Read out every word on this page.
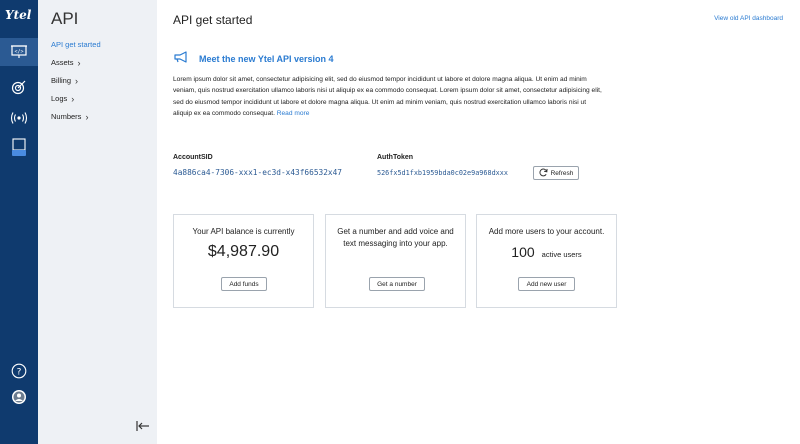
Ytel
</>
?
API
API get started
Assets ›
Billing ›
Logs ›
Numbers ›
API get started	View old API dashboard
Meet the new Ytel API version 4

Lorem ipsum dolor sit amet, consectetur adipisicing elit, sed do eiusmod tempor incididunt ut labore et dolore magna aliqua. Ut enim ad minim veniam, quis nostrud exercitation ullamco laboris nisi ut aliquip ex ea commodo consequat. Lorem ipsum dolor sit amet, consectetur adipisicing elit, sed do eiusmod tempor incididunt ut labore et dolore magna aliqua. Ut enim ad minim veniam, quis nostrud exercitation ullamco laboris nisi ut aliquip ex ea commodo consequat. Read more

AccountSID
4a886ca4-7306-xxx1-ec3d-x43f66532x47
AuthToken
526fx5d1fxb1959bda0c02e9a968dxxx	Refresh
Your API balance is currently
$4,987.90
Add funds
Get a number and add voice and
text messaging into your app.
Get a number
Add more users to your account.
100 active users
Add new user
